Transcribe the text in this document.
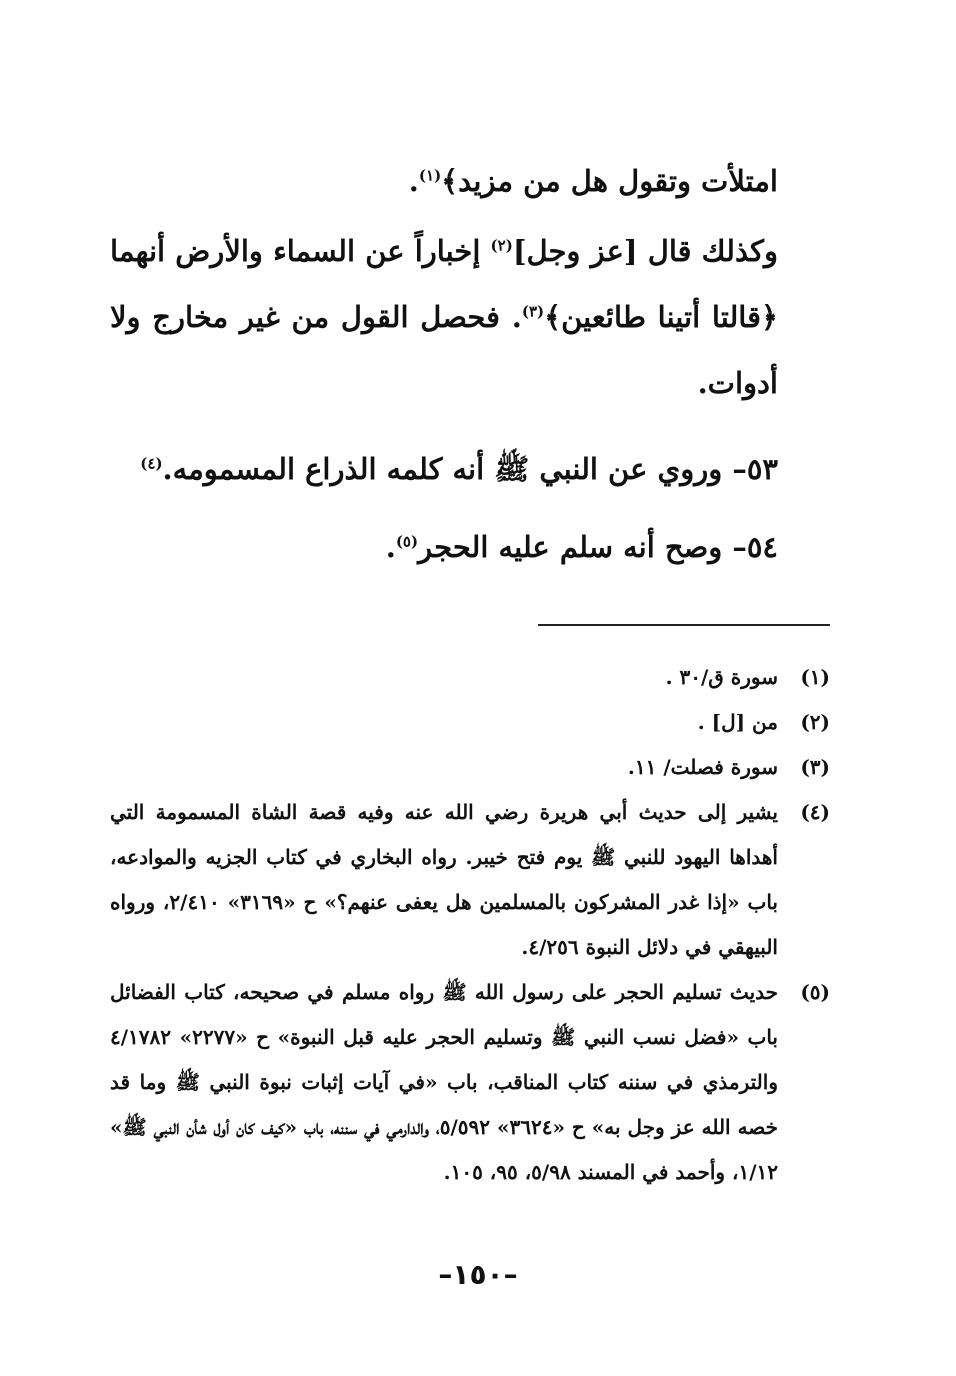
امتلأت وتقول هل من مزيد﴾$^{(١)}$.

وكذلك قال [عز وجل]$^{(٢)}$ إخباراً عن السماء والأرض أنهما ﴿قالتا أتينا طائعين﴾$^{(٣)}$. فحصل القول من غير مخارج ولا أدوات.

٥٣– وروي عن النبي ﷺ أنه كلمه الذراع المسمومه.$^{(٤)}$

٥٤– وصح أنه سلم عليه الحجر$^{(٥)}$.

(١)
سورة ق/٣٠ .
(٢)
من [ل] .
(٣)
سورة فصلت/ ١١.
(٤)
يشير إلى حديث أبي هريرة رضي الله عنه وفيه قصة الشاة المسمومة التي أهداها اليهود للنبي ﷺ يوم فتح خيبر. رواه البخاري في كتاب الجزيه والموادعه، باب «إذا غدر المشركون بالمسلمين هل يعفى عنهم؟» ح «٣١٦٩» ٢/٤١٠، ورواه البيهقي في دلائل النبوة ٤/٢٥٦.
(٥)
حديث تسليم الحجر على رسول الله ﷺ رواه مسلم في صحيحه، كتاب الفضائل باب «فضل نسب النبي ﷺ وتسليم الحجر عليه قبل النبوة» ح «٢٢٧٧» ٤/١٧٨٢ والترمذي في سننه كتاب المناقب، باب «في آيات إثبات نبوة النبي ﷺ وما قد خصه الله عز وجل به» ح «٣٦٢٤» ٥/٥٩٢، والدارمي في سننه، باب «كيف كان أول شأن النبي ﷺ» ١/١٢، وأحمد في المسند ٥/٩٨، ٩٥، ١٠٥.
–١٥٠–
